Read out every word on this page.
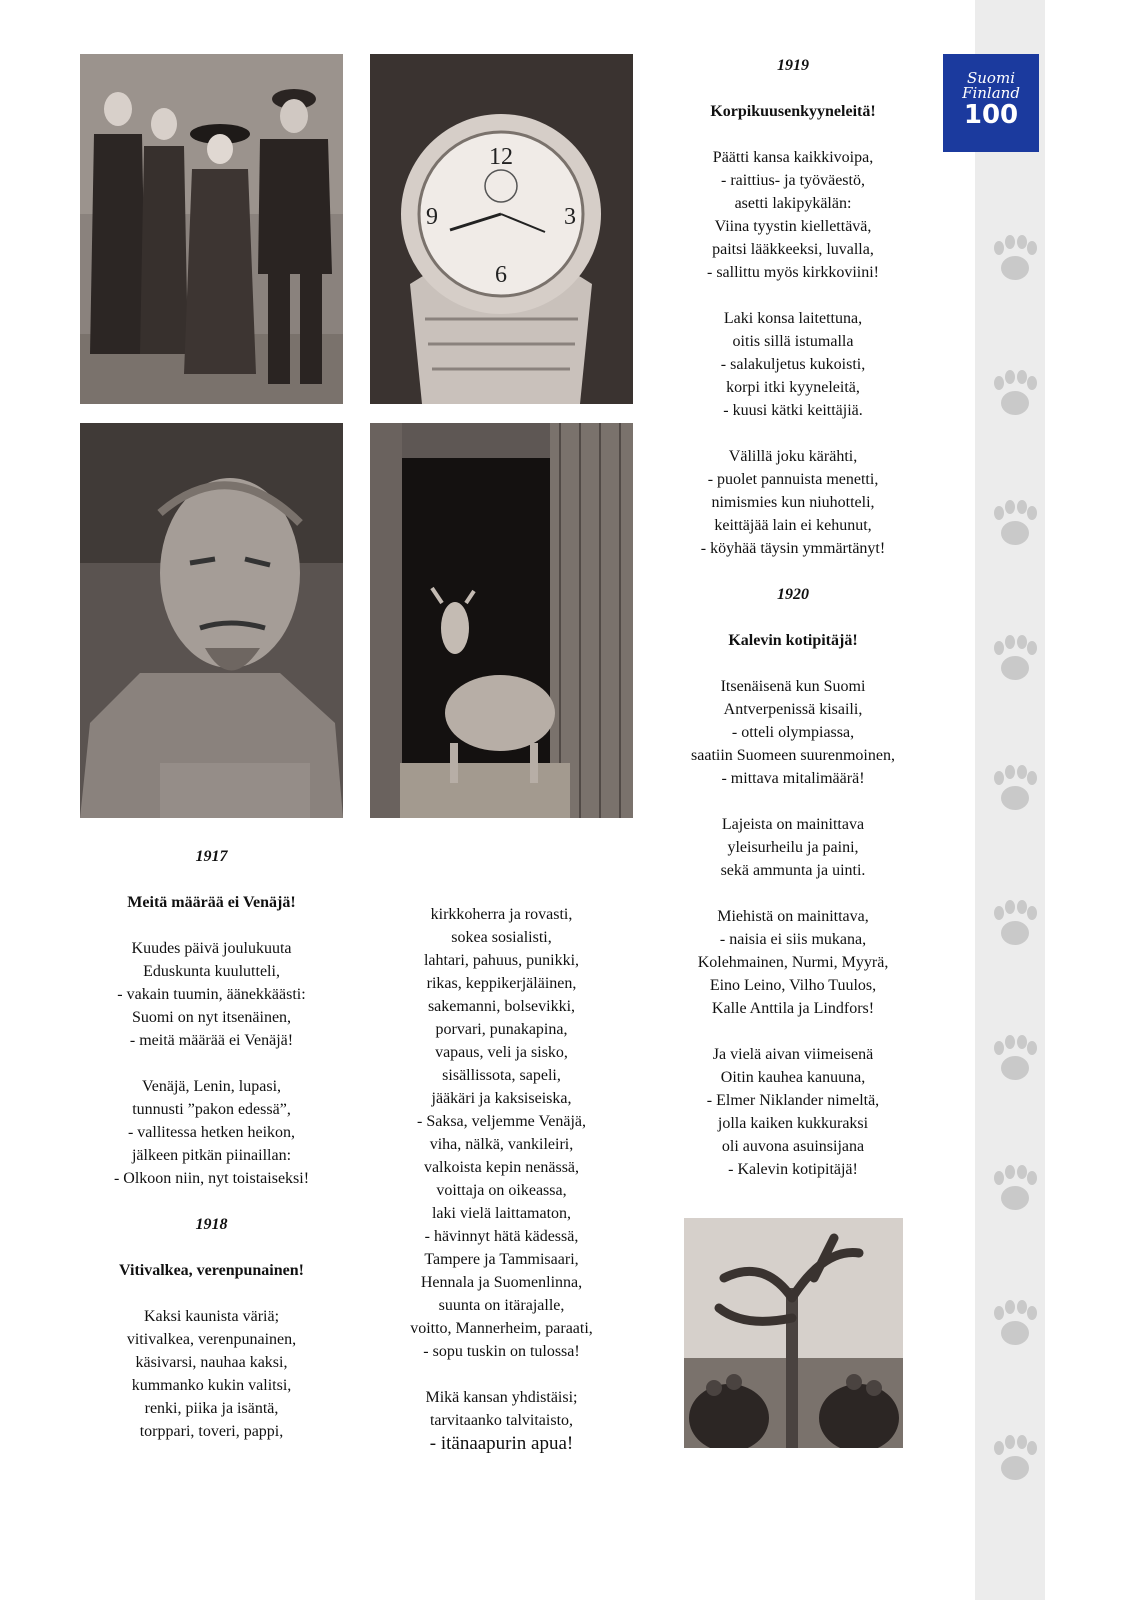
12
6
9	3
Suomi
Finland
100
1917
Meitä määrää ei Venäjä!
Kuudes päivä joulukuuta
Eduskunta kuulutteli,
- vakain tuumin, äänekkäästi:
Suomi on nyt itsenäinen,
- meitä määrää ei Venäjä!
Venäjä, Lenin, lupasi,
tunnusti ”pakon edessä”,
- vallitessa hetken heikon,
jälkeen pitkän piinaillan:
- Olkoon niin, nyt toistaiseksi!
1918
Vitivalkea, verenpunainen!
Kaksi kaunista väriä;
vitivalkea, verenpunainen,
käsivarsi, nauhaa kaksi,
kummanko kukin valitsi,
renki, piika ja isäntä,
torppari, toveri, pappi,
kirkkoherra ja rovasti,
sokea sosialisti,
lahtari, pahuus, punikki,
rikas, keppikerjäläinen,
sakemanni, bolsevikki,
porvari, punakapina,
vapaus, veli ja sisko,
sisällissota, sapeli,
jääkäri ja kaksiseiska,
- Saksa, veljemme Venäjä,
viha, nälkä, vankileiri,
valkoista kepin nenässä,
voittaja on oikeassa,
laki vielä laittamaton,
- hävinnyt hätä kädessä,
Tampere ja Tammisaari,
Hennala ja Suomenlinna,
suunta on itärajalle,
voitto, Mannerheim, paraati,
- sopu tuskin on tulossa!
Mikä kansan yhdistäisi;
tarvitaanko talvitaisto,
- itänaapurin apua!
1919
Korpikuusenkyyneleitä!
Päätti kansa kaikkivoipa,
- raittius- ja työväestö,
asetti lakipykälän:
Viina tyystin kiellettävä,
paitsi lääkkeeksi, luvalla,
- sallittu myös kirkkoviini!
Laki konsa laitettuna,
oitis sillä istumalla
- salakuljetus kukoisti,
korpi itki kyyneleitä,
- kuusi kätki keittäjiä.
Välillä joku kärähti,
- puolet pannuista menetti,
nimismies kun niuhotteli,
keittäjää lain ei kehunut,
- köyhää täysin ymmärtänyt!
1920
Kalevin kotipitäjä!
Itsenäisenä kun Suomi
Antverpenissä kisaili,
- otteli olympiassa,
saatiin Suomeen suurenmoinen,
- mittava mitalimäärä!
Lajeista on mainittava
yleisurheilu ja paini,
sekä ammunta ja uinti.
Miehistä on mainittava,
- naisia ei siis mukana,
Kolehmainen, Nurmi, Myyrä,
Eino Leino, Vilho Tuulos,
Kalle Anttila ja Lindfors!
Ja vielä aivan viimeisenä
Oitin kauhea kanuuna,
- Elmer Niklander nimeltä,
jolla kaiken kukkuraksi
oli auvona asuinsijana
- Kalevin kotipitäjä!
